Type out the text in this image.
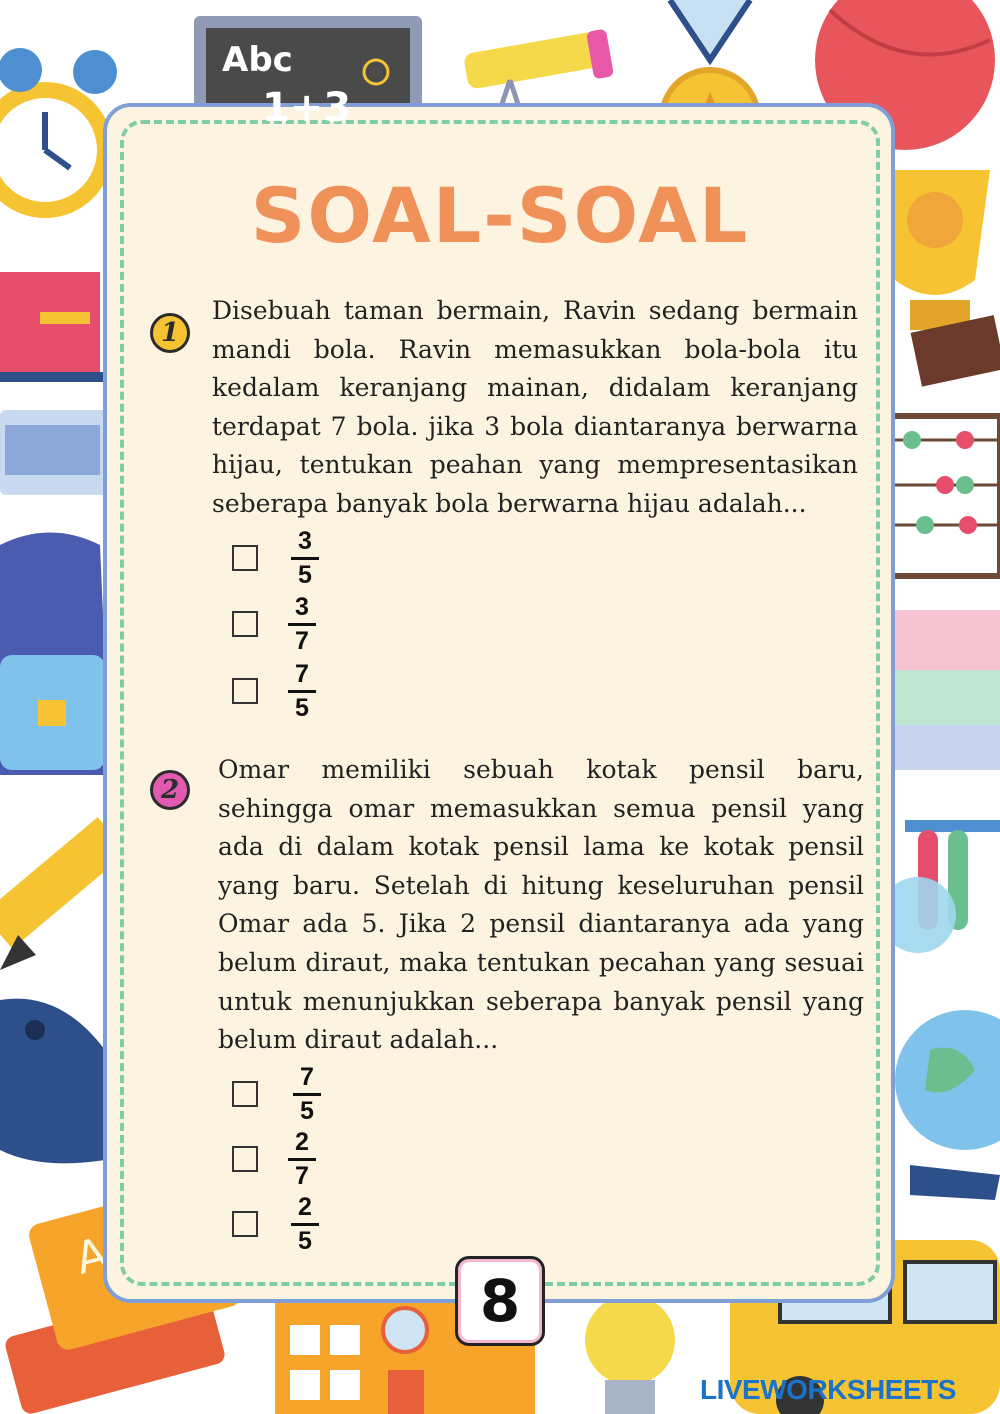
Abc
1+3
SOAL-SOAL
1
Disebuah taman bermain, Ravin sedang bermain mandi bola. Ravin memasukkan bola-bola itu kedalam keranjang mainan, didalam keranjang terdapat 7 bola. jika 3 bola diantaranya berwarna hijau, tentukan peahan yang mempresentasikan seberapa banyak bola berwarna hijau adalah...
3
5
3
7
7
5
2
Omar memiliki sebuah kotak pensil baru, sehingga omar memasukkan semua pensil yang ada di dalam kotak pensil lama ke kotak pensil yang baru. Setelah di hitung keseluruhan pensil Omar ada 5. Jika 2 pensil diantaranya ada yang belum diraut, maka tentukan pecahan yang sesuai untuk menunjukkan seberapa banyak pensil yang belum diraut adalah...
7
5
2
7
2
5
8
LIVEWORKSHEETS
